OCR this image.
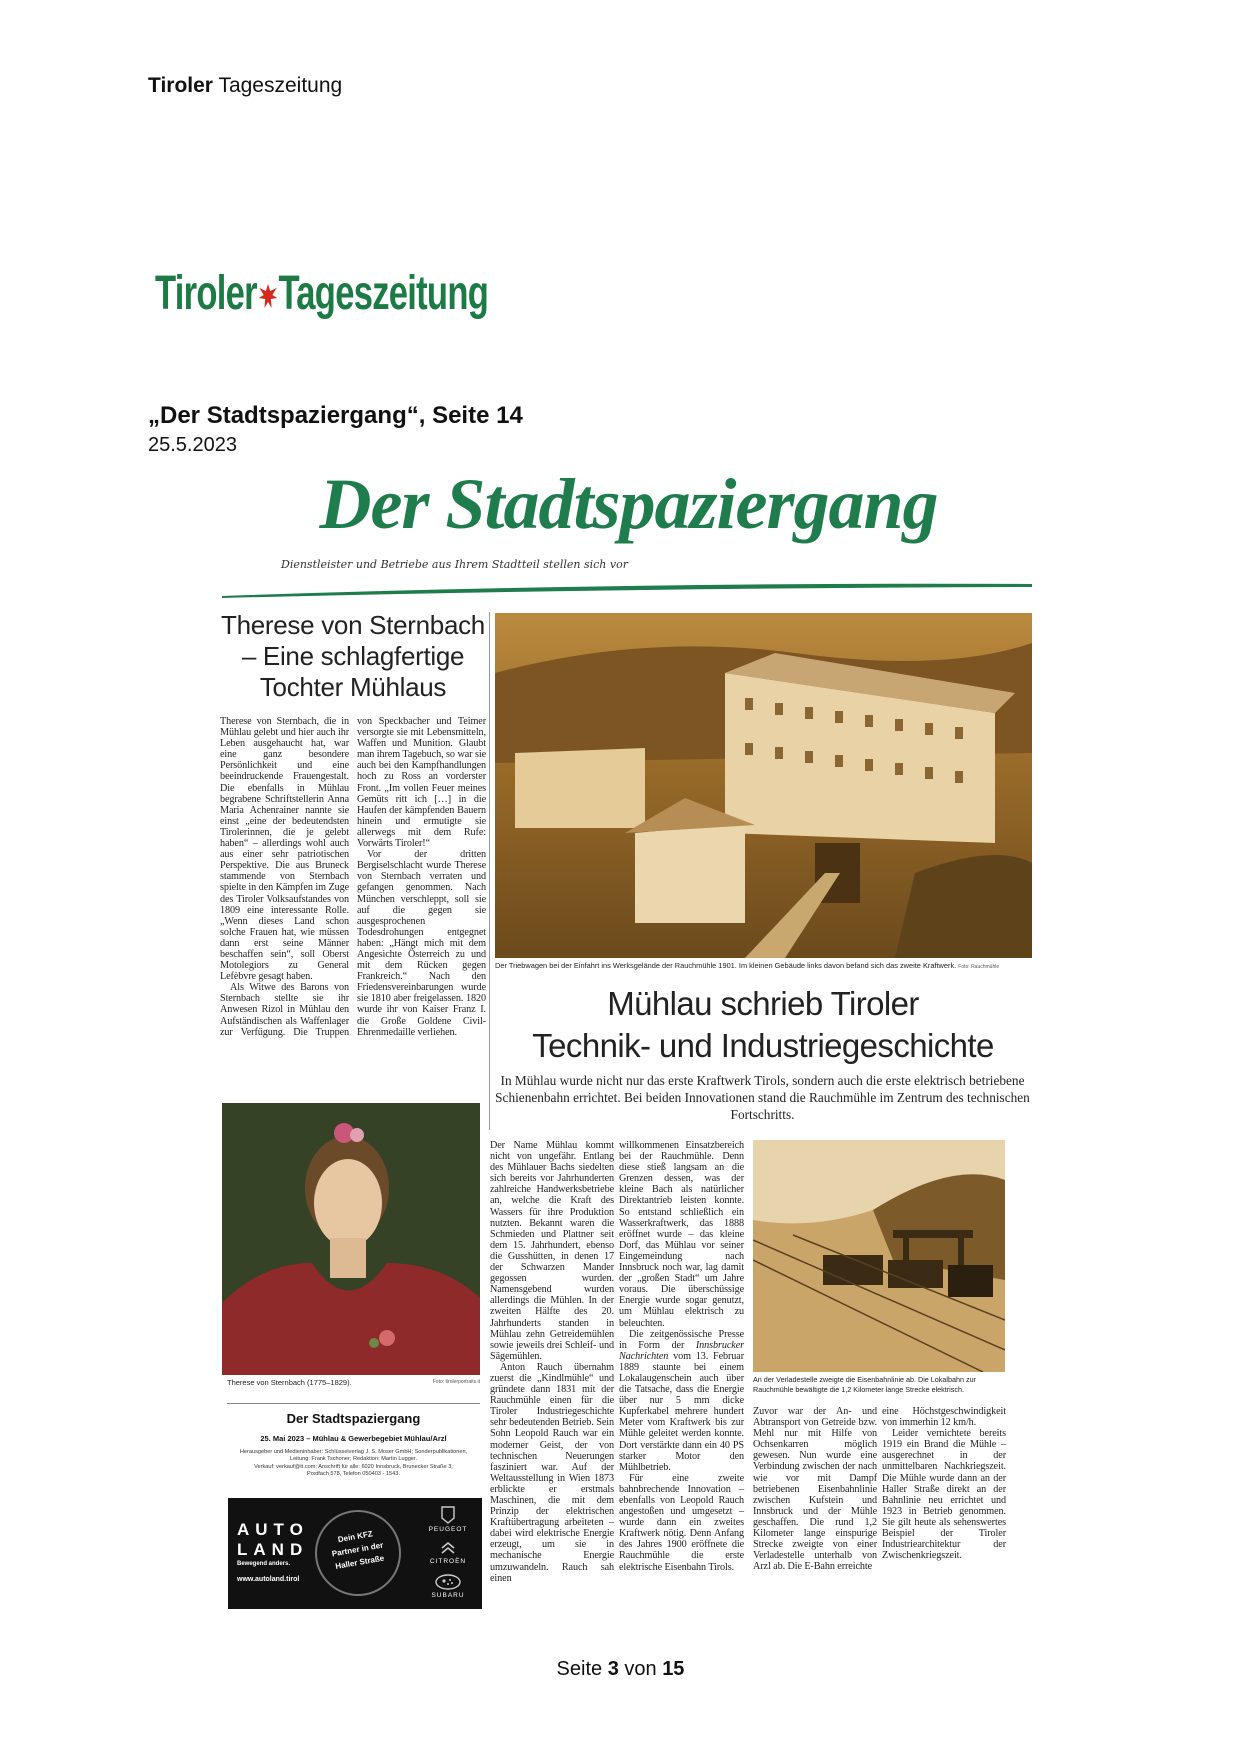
Tiroler Tageszeitung
Tiroler Tageszeitung
„Der Stadtspaziergang“, Seite 14
25.5.2023
Der Stadtspaziergang
Dienstleister und Betriebe aus Ihrem Stadtteil stellen sich vor
Therese von Sternbach
– Eine schlagfertige
Tochter Mühlaus

Therese von Sternbach, die in Mühlau gelebt und hier auch ihr Leben ausgehaucht hat, war eine ganz besondere Persönlichkeit und eine beeindruckende Frauengestalt. Die ebenfalls in Mühlau begrabene Schriftstellerin Anna Maria Achenrainer nannte sie einst „eine der bedeutendsten Tirolerinnen, die je gelebt haben“ – allerdings wohl auch aus einer sehr patriotischen Perspektive. Die aus Bruneck stammende von Sternbach spielte in den Kämpfen im Zuge des Tiroler Volksaufstandes von 1809 eine interessante Rolle. „Wenn dieses Land schon solche Frauen hat, wie müssen dann erst seine Männer beschaffen sein“, soll Oberst Motolegiors zu General Lefèbvre gesagt haben.

Als Witwe des Barons von Sternbach stellte sie ihr Anwesen Rizol in Mühlau den Aufständischen als Waffenlager zur Verfügung. Die Truppen von Speckbacher und Teimer versorgte sie mit Lebensmitteln, Waffen und Munition. Glaubt man ihrem Tagebuch, so war sie auch bei den Kampfhandlungen hoch zu Ross an vorderster Front. „Im vollen Feuer meines Gemüts ritt ich […] in die Haufen der kämpfenden Bauern hinein und ermutigte sie allerwegs mit dem Rufe: Vorwärts Tiroler!“

Vor der dritten Bergiselschlacht wurde Therese von Sternbach verraten und gefangen genommen. Nach München verschleppt, soll sie auf die gegen sie ausgesprochenen Todesdrohungen entgegnet haben: „Hängt mich mit dem Angesichte Österreich zu und mit dem Rücken gegen Frankreich.“ Nach den Friedensvereinbarungen wurde sie 1810 aber freigelassen. 1820 wurde ihr von Kaiser Franz I. die Große Goldene Civil-Ehrenmedaille verliehen.

Der Triebwagen bei der Einfahrt ins Werksgelände der Rauchmühle 1901. Im kleinen Gebäude links davon befand sich das zweite Kraftwerk. Foto: Rauchmühle
Mühlau schrieb Tiroler
Technik- und Industriegeschichte
In Mühlau wurde nicht nur das erste Kraftwerk Tirols, sondern auch die erste elektrisch betriebene Schienenbahn errichtet. Bei beiden Innovationen stand die Rauchmühle im Zentrum des technischen Fortschritts.
Therese von Sternbach (1775–1829).	Foto: tirolerportraits.it
Der Stadtspaziergang
25. Mai 2023 – Mühlau & Gewerbegebiet Mühlau/Arzl
Herausgeber und Medieninhaber: Schlüsselverlag J. S. Moser GmbH; Sonderpublikationen,
Leitung: Frank Tschoner; Redaktion: Martin Lugger.
Verkauf: verkauf@tt.com; Anschrift für alle: 6020 Innsbruck, Brunecker Straße 3,
Postfach 578, Telefon 050403 - 1543.
AUTO
LAND
Bewegend anders.
www.autoland.tirol
Dein KFZ
Partner in der
Haller Straße
PEUGEOT
CITROËN
SUBARU

Der Name Mühlau kommt nicht von ungefähr. Entlang des Mühlauer Bachs siedelten sich bereits vor Jahrhunderten zahlreiche Handwerksbetriebe an, welche die Kraft des Wassers für ihre Produktion nutzten. Bekannt waren die Schmieden und Plattner seit dem 15. Jahrhundert, ebenso die Gusshütten, in denen 17 der Schwarzen Mander gegossen wurden. Namensgebend wurden allerdings die Mühlen. In der zweiten Hälfte des 20. Jahrhunderts standen in Mühlau zehn Getreidemühlen sowie jeweils drei Schleif- und Sägemühlen.

Anton Rauch übernahm zuerst die „Kindlmühle“ und gründete dann 1831 mit der Rauchmühle einen für die Tiroler Industriegeschichte sehr bedeutenden Betrieb. Sein Sohn Leopold Rauch war ein moderner Geist, der von technischen Neuerungen fasziniert war. Auf der Weltausstellung in Wien 1873 erblickte er erstmals Maschinen, die mit dem Prinzip der elektrischen Kraftübertragung arbeiteten – dabei wird elektrische Energie erzeugt, um sie in mechanische Energie umzuwandeln. Rauch sah einen

willkommenen Einsatzbereich bei der Rauchmühle. Denn diese stieß langsam an die Grenzen dessen, was der kleine Bach als natürlicher Direktantrieb leisten konnte. So entstand schließlich ein Wasserkraftwerk, das 1888 eröffnet wurde – das kleine Dorf, das Mühlau vor seiner Eingemeindung nach Innsbruck noch war, lag damit der „großen Stadt“ um Jahre voraus. Die überschüssige Energie wurde sogar genutzt, um Mühlau elektrisch zu beleuchten.

Die zeitgenössische Presse in Form der Innsbrucker Nachrichten vom 13. Februar 1889 staunte bei einem Lokalaugenschein auch über die Tatsache, dass die Energie über nur 5 mm dicke Kupferkabel mehrere hundert Meter vom Kraftwerk bis zur Mühle geleitet werden konnte. Dort verstärkte dann ein 40 PS starker Motor den Mühlbetrieb.

Für eine zweite bahnbrechende Innovation – ebenfalls von Leopold Rauch angestoßen und umgesetzt – wurde dann ein zweites Kraftwerk nötig. Denn Anfang des Jahres 1900 eröffnete die Rauchmühle die erste elektrische Eisenbahn Tirols.

An der Verladestelle zweigte die Eisenbahnlinie ab. Die Lokalbahn zur Rauchmühle bewältigte die 1,2 Kilometer lange Strecke elektrisch.

Zuvor war der An- und Abtransport von Getreide bzw. Mehl nur mit Hilfe von Ochsenkarren möglich gewesen. Nun wurde eine Verbindung zwischen der nach wie vor mit Dampf betriebenen Eisenbahnlinie zwischen Kufstein und Innsbruck und der Mühle geschaffen. Die rund 1,2 Kilometer lange einspurige Strecke zweigte von einer Verladestelle unterhalb von Arzl ab. Die E-Bahn erreichte

eine Höchstgeschwindigkeit von immerhin 12 km/h.

Leider vernichtete bereits 1919 ein Brand die Mühle – ausgerechnet in der unmittelbaren Nachkriegszeit. Die Mühle wurde dann an der Haller Straße direkt an der Bahnlinie neu errichtet und 1923 in Betrieb genommen. Sie gilt heute als sehenswertes Beispiel der Tiroler Industriearchitektur der Zwischenkriegszeit.

Seite 3 von 15
